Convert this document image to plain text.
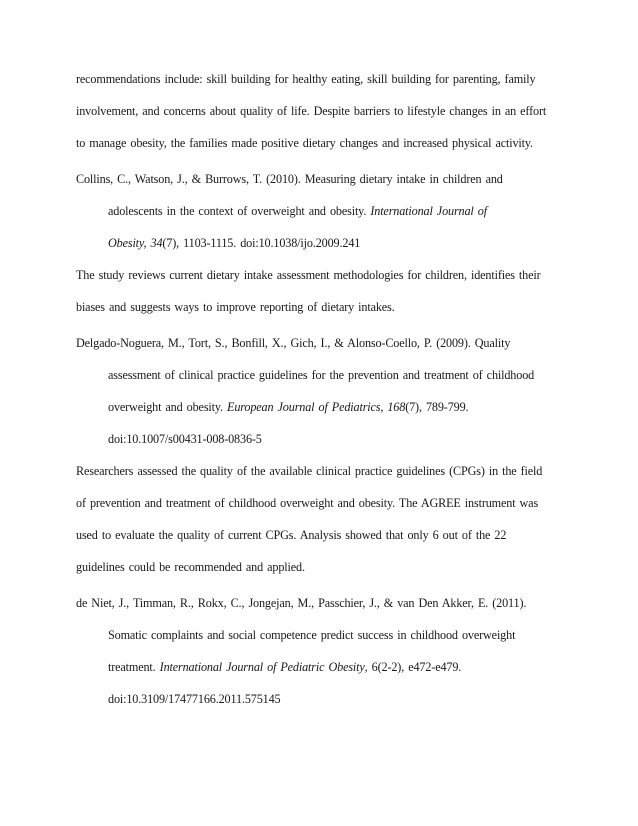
recommendations include: skill building for healthy eating, skill building for parenting, family
involvement, and concerns about quality of life. Despite barriers to lifestyle changes in an effort
to manage obesity, the families made positive dietary changes and increased physical activity.
Collins, C., Watson, J., & Burrows, T. (2010). Measuring dietary intake in children and
adolescents in the context of overweight and obesity. International Journal of
Obesity, 34(7), 1103-1115. doi:10.1038/ijo.2009.241
The study reviews current dietary intake assessment methodologies for children, identifies their
biases and suggests ways to improve reporting of dietary intakes.
Delgado-Noguera, M., Tort, S., Bonfill, X., Gich, I., & Alonso-Coello, P. (2009). Quality
assessment of clinical practice guidelines for the prevention and treatment of childhood
overweight and obesity. European Journal of Pediatrics, 168(7), 789-799.
doi:10.1007/s00431-008-0836-5
Researchers assessed the quality of the available clinical practice guidelines (CPGs) in the field
of prevention and treatment of childhood overweight and obesity. The AGREE instrument was
used to evaluate the quality of current CPGs. Analysis showed that only 6 out of the 22
guidelines could be recommended and applied.
de Niet, J., Timman, R., Rokx, C., Jongejan, M., Passchier, J., & van Den Akker, E. (2011).
Somatic complaints and social competence predict success in childhood overweight
treatment. International Journal of Pediatric Obesity, 6(2-2), e472-e479.
doi:10.3109/17477166.2011.575145
